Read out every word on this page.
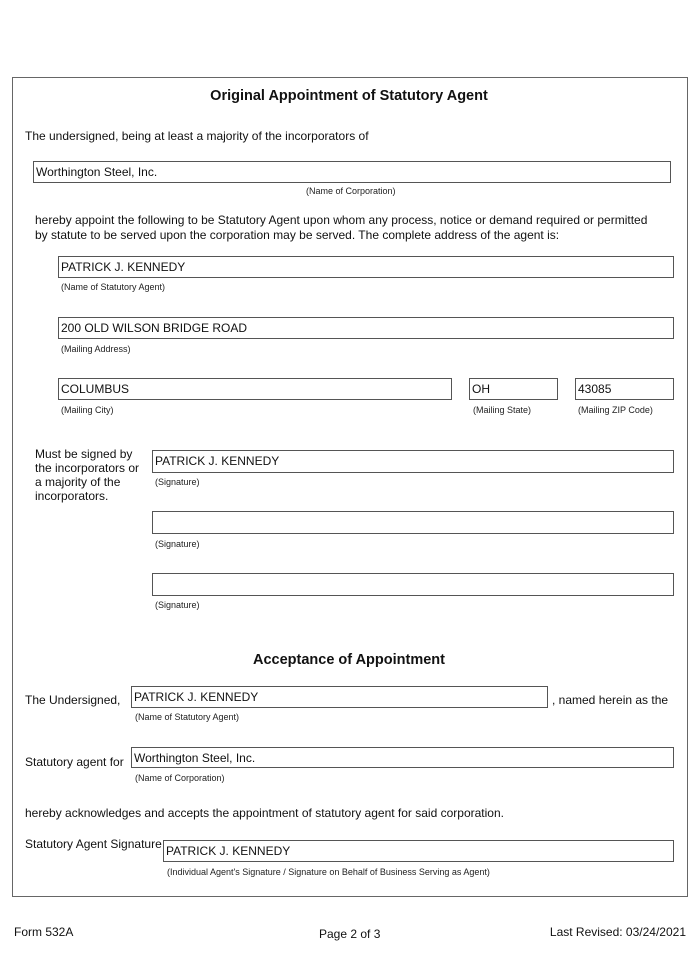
Original Appointment of Statutory Agent
The undersigned, being at least a majority of the incorporators of
Worthington Steel, Inc.
(Name of Corporation)
hereby appoint the following to be Statutory Agent upon whom any process, notice or demand required or permitted by statute to be served upon the corporation may be served. The complete address of the agent is:
PATRICK J. KENNEDY
(Name of Statutory Agent)
200 OLD WILSON BRIDGE ROAD
(Mailing Address)
COLUMBUS
(Mailing City)
OH
(Mailing State)
43085
(Mailing ZIP Code)
Must be signed by the incorporators or a majority of the incorporators.
PATRICK J. KENNEDY
(Signature)
(Signature)
(Signature)
Acceptance of Appointment
The Undersigned, PATRICK J. KENNEDY	, named herein as the
(Name of Statutory Agent)
Statutory agent for Worthington Steel, Inc.
(Name of Corporation)
hereby acknowledges and accepts the appointment of statutory agent for said corporation.
Statutory Agent Signature PATRICK J. KENNEDY
(Individual Agent's Signature / Signature on Behalf of Business Serving as Agent)
Form 532A	Page 2 of 3	Last Revised: 03/24/2021
